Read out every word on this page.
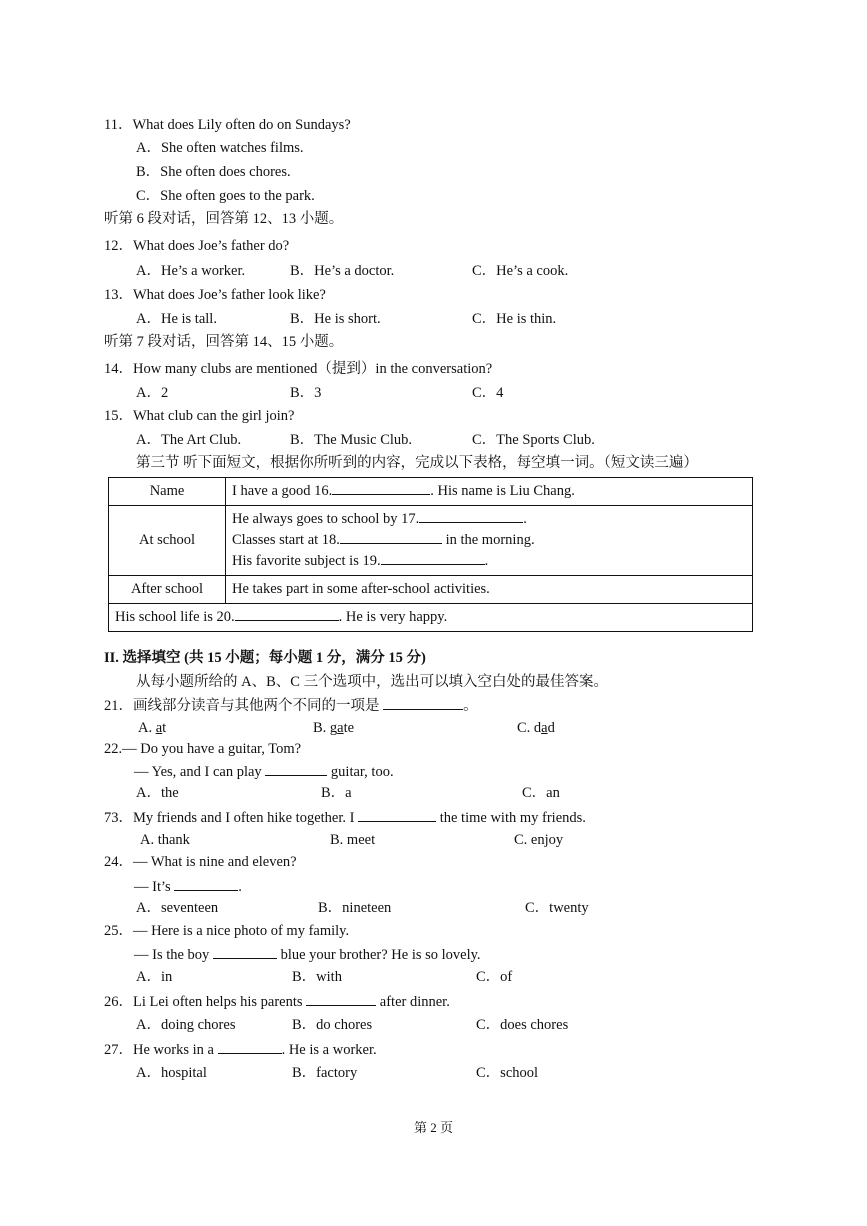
11．What does Lily often do on Sundays?
A．She often watches films.
B．She often does chores.
C．She often goes to the park.
听第 6 段对话，回答第 12、13 小题。
12．What does Joe’s father do?
A．He’s a worker.	B．He’s a doctor.	C．He’s a cook.
13．What does Joe’s father look like?
A．He is tall.	B．He is short.	C．He is thin.
听第 7 段对话，回答第 14、15 小题。
14．How many clubs are mentioned（提到）in the conversation?
A．2	B．3	C．4
15．What club can the girl join?
A．The Art Club.	B．The Music Club.	C．The Sports Club.
第三节 听下面短文，根据你所听到的内容，完成以下表格，每空填一词。（短文读三遍）
Name	I have a good 16. . His name is Liu Chang.
At school	He always goes to school by 17. .
Classes start at 18. in the morning.
His favorite subject is 19. .

After school	He takes part in some after-school activities.
His school life is 20. . He is very happy.	
II. 选择填空 (共 15 小题；每小题 1 分，满分 15 分)
从每小题所给的 A、B、C 三个选项中，选出可以填入空白处的最佳答案。
21．画线部分读音与其他两个不同的一项是	。
A. at	B. gate	C. dad
22.— Do you have a guitar, Tom?
— Yes, and I can play	guitar, too.
A．the	B．a	C．an
73．My friends and I often hike together. I	the time with my friends.
A. thank	B. meet	C. enjoy
24．— What is nine and eleven?
— It’s	.
A．seventeen	B．nineteen	C．twenty
25．— Here is a nice photo of my family.
— Is the boy	blue your brother? He is so lovely.
A．in	B．with	C．of
26．Li Lei often helps his parents	after dinner.
A．doing chores	B．do chores	C．does chores
27．He works in a	. He is a worker.
A．hospital	B．factory	C．school
第 2 页
